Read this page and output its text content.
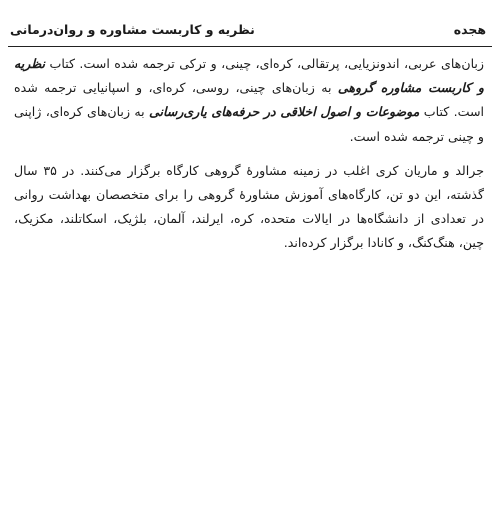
هجده
نظریه و کاربست مشاوره و روان‌درمانی

زبان‌های عربی، اندونزیایی، پرتقالی، کره‌ای، چینی، و ترکی ترجمه شده است. کتاب نظریه و کاربست مشاوره گروهی به زبان‌های چینی، روسی، کره‌ای، و اسپانیایی ترجمه شده است. کتاب موضوعات و اصول اخلاقی در حرفه‌های یاری‌رسانی به زبان‌های کره‌ای، ژاپنی و چینی ترجمه شده است.

جرالد و ماریان کری اغلب در زمینه مشاورهٔ گروهی کارگاه برگزار می‌کنند. در ۳۵ سال گذشته، این دو تن، کارگاه‌های آموزش مشاورهٔ گروهی را برای متخصصان بهداشت روانی در تعدادی از دانشگاه‌ها در ایالات متحده، کره، ایرلند، آلمان، بلژیک، اسکاتلند، مکزیک، چین، هنگ‌کنگ، و کانادا برگزار کرده‌اند.
